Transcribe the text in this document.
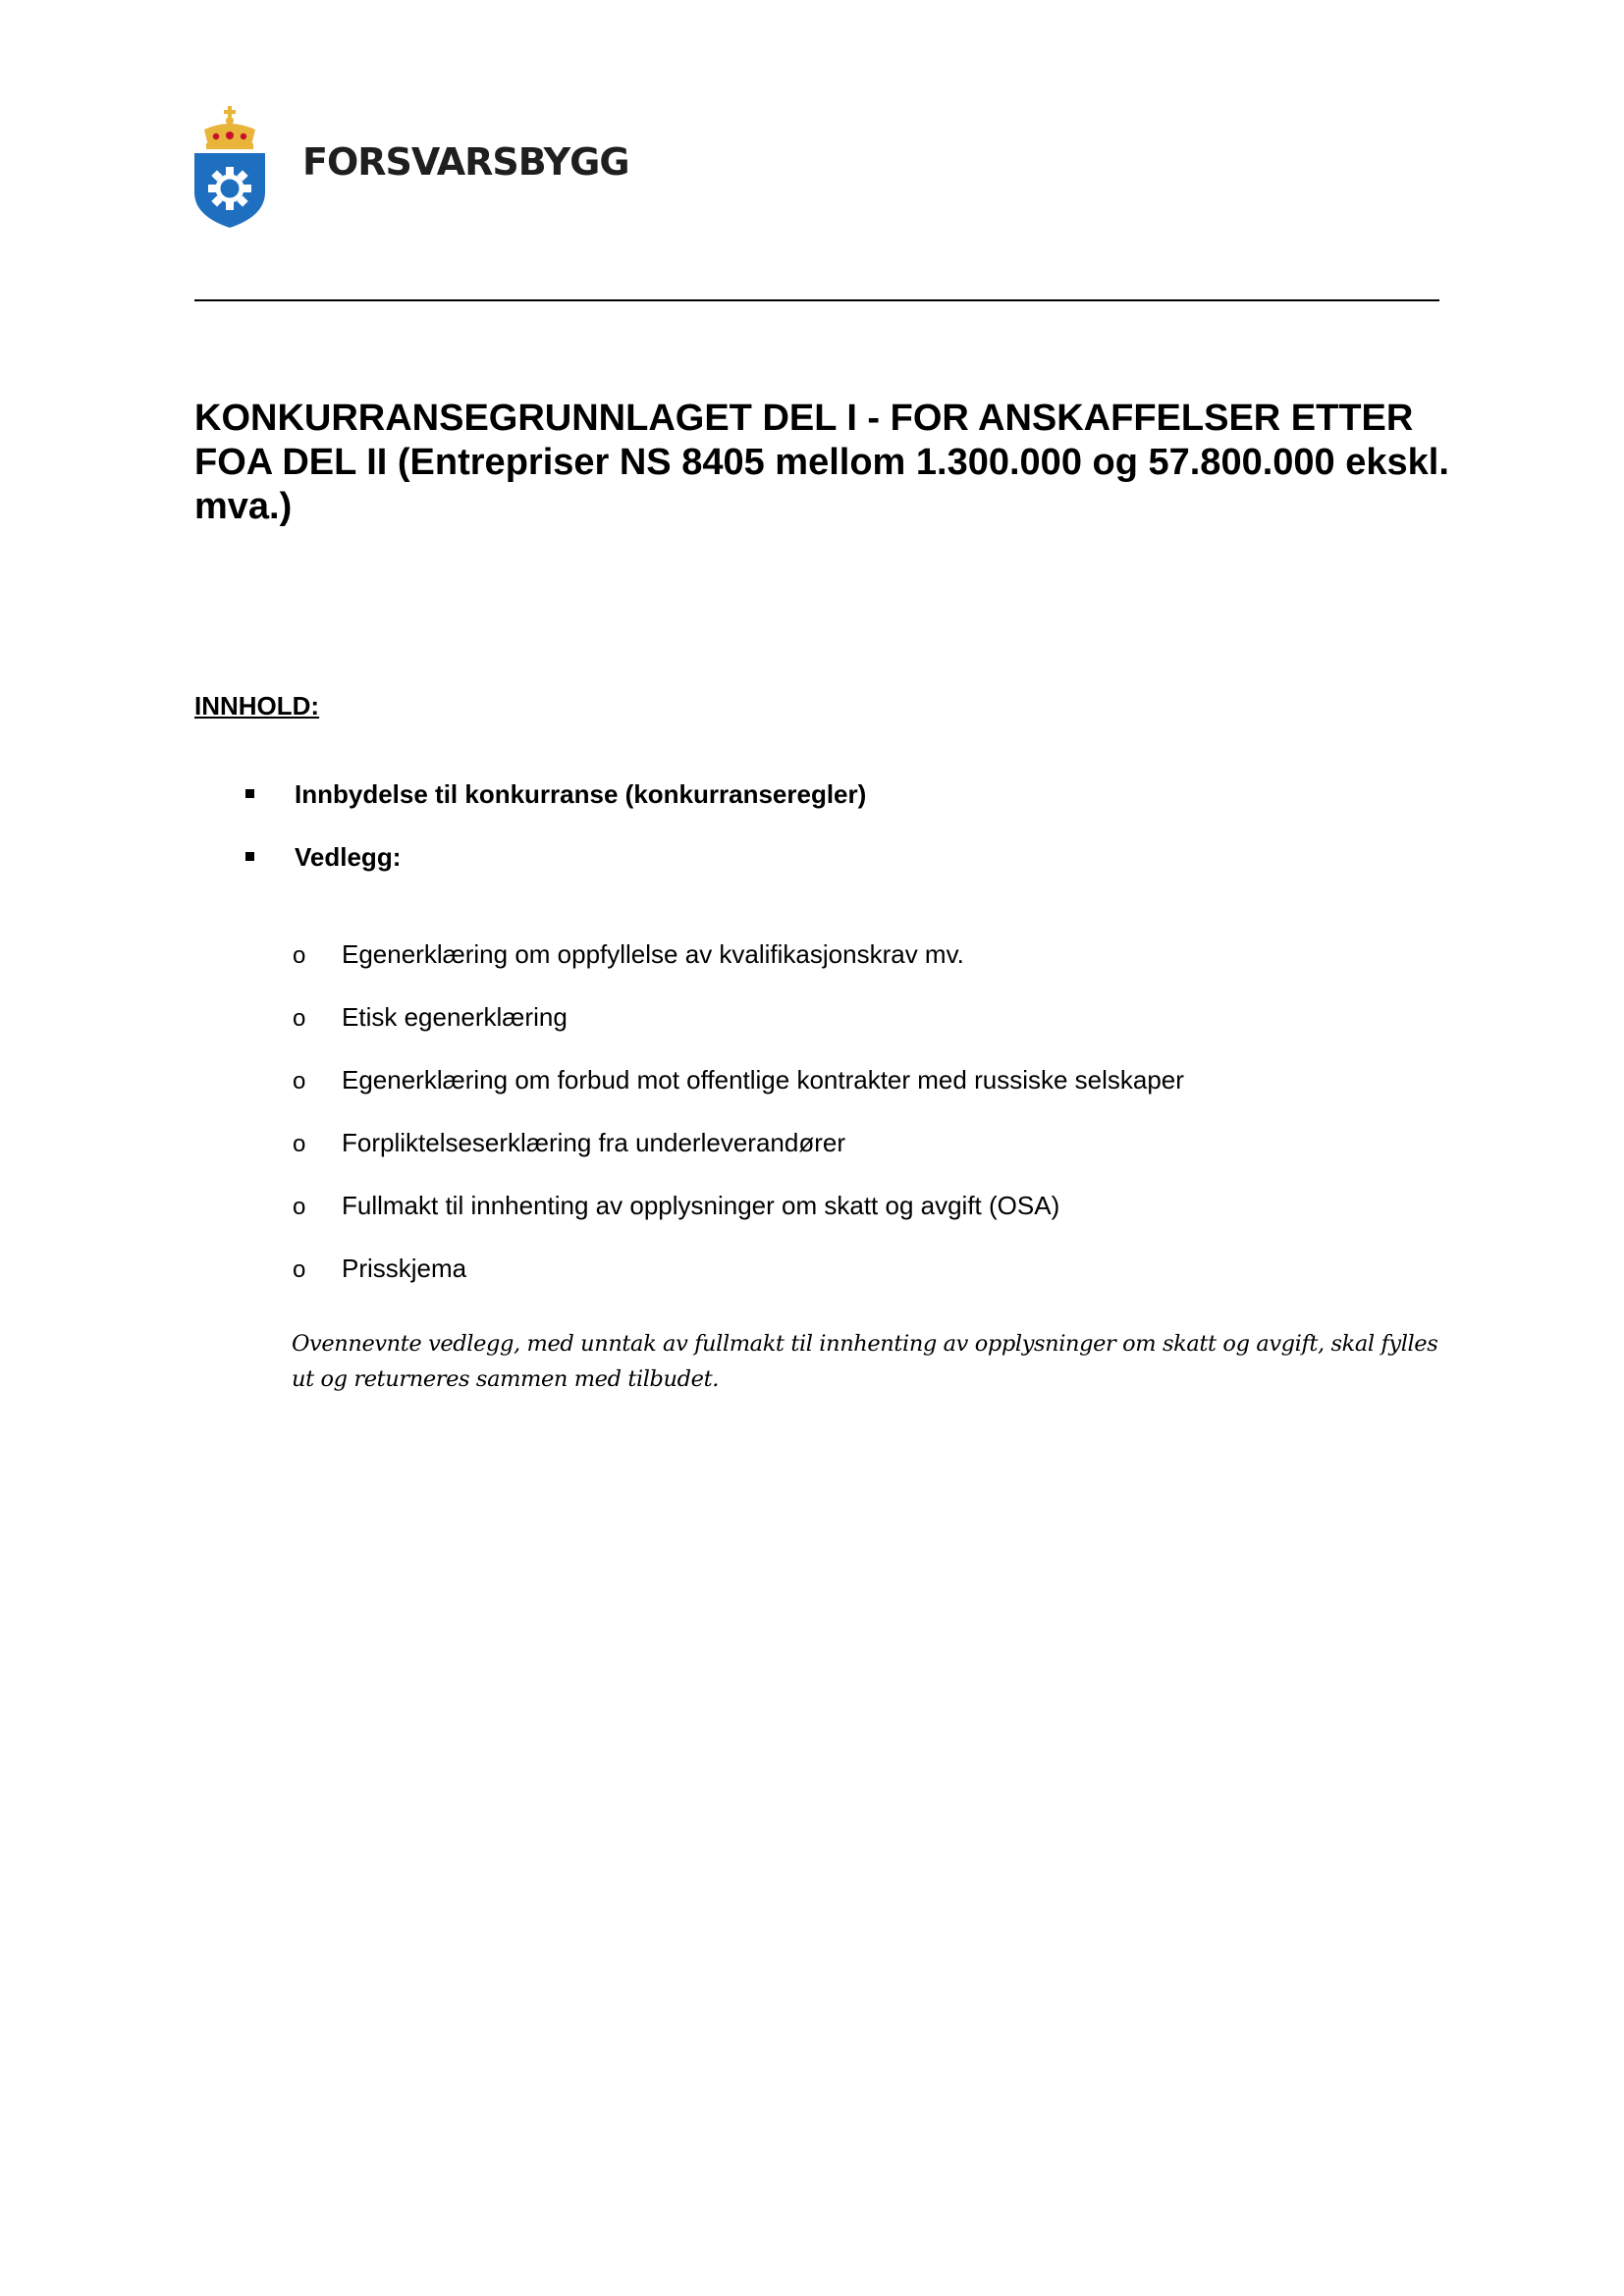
FORSVARSBYGG
KONKURRANSEGRUNNLAGET DEL I - FOR ANSKAFFELSER ETTER FOA DEL II (Entrepriser NS 8405 mellom 1.300.000 og 57.800.000 ekskl. mva.)
INNHOLD:
Innbydelse til konkurranse (konkurranseregler)
Vedlegg:
o Egenerklæring om oppfyllelse av kvalifikasjonskrav mv.
o Etisk egenerklæring
o Egenerklæring om forbud mot offentlige kontrakter med russiske selskaper
o Forpliktelseserklæring fra underleverandører
o Fullmakt til innhenting av opplysninger om skatt og avgift (OSA)
o Prisskjema

Ovennevnte vedlegg, med unntak av fullmakt til innhenting av opplysninger om skatt og avgift, skal fylles ut og returneres sammen med tilbudet.
